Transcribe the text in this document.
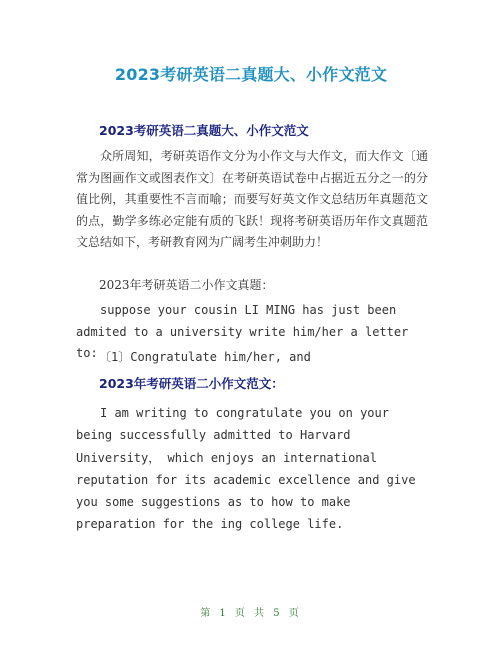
2023考研英语二真题大、小作文范文
2023考研英语二真题大、小作文范文

众所周知，考研英语作文分为小作文与大作文，而大作文〔通常为图画作文或图表作文〕在考研英语试卷中占据近五分之一的分值比例，其重要性不言而喻；而要写好英文作文总结历年真题范文的点，勤学多练必定能有质的飞跃！现将考研英语历年作文真题范文总结如下，考研教育网为广阔考生冲刺助力！

2023年考研英语二小作文真题：

suppose your cousin LI MING has just been admited to a university write him/her a letter to: 〔1〕Congratulate him/her, and
2023年考研英语二小作文范文：

I am writing to congratulate you on your being successfully admitted to Harvard University， which enjoys an international reputation for its academic excellence and give you some suggestions as to how to make preparation for the ing college life.

第 1 页 共 5 页
